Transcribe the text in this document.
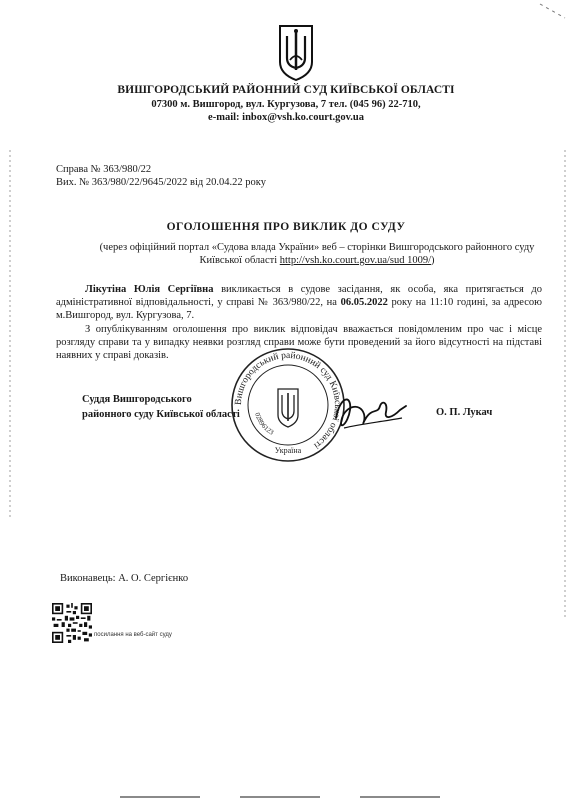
ВИШГОРОДСЬКИЙ РАЙОННИЙ СУД КИЇВСЬКОЇ ОБЛАСТІ
07300 м. Вишгород, вул. Кургузова, 7 тел. (045 96) 22-710,
e-mail: inbox@vsh.ko.court.gov.ua
Справа № 363/980/22
Вих. № 363/980/22/9645/2022 від 20.04.22 року
ОГОЛОШЕННЯ ПРО ВИКЛИК ДО СУДУ
(через офіційний портал «Судова влада України» веб – сторінки Вишгородського районного суду Київської області http://vsh.ko.court.gov.ua/sud 1009/)
Лікутіна Юлія Сергіївна викликається в судове засідання, як особа, яка притягається до адміністративної відповідальності, у справі № 363/980/22, на 06.05.2022 року на 11:10 годині, за адресою м.Вишгород, вул. Кургузова, 7.
З опублікуванням оголошення про виклик відповідач вважається повідомленим про час і місце розгляду справи та у випадку неявки розгляд справи може бути проведений за його відсутності на підставі наявних у справі доказів.
Суддя Вишгородського
районного суду Київської області
Вишгородський районний суд Київської області
02896123
Україна
О. П. Лукач
Виконавець: А. О. Сергієнко
посилання на веб-сайт суду
